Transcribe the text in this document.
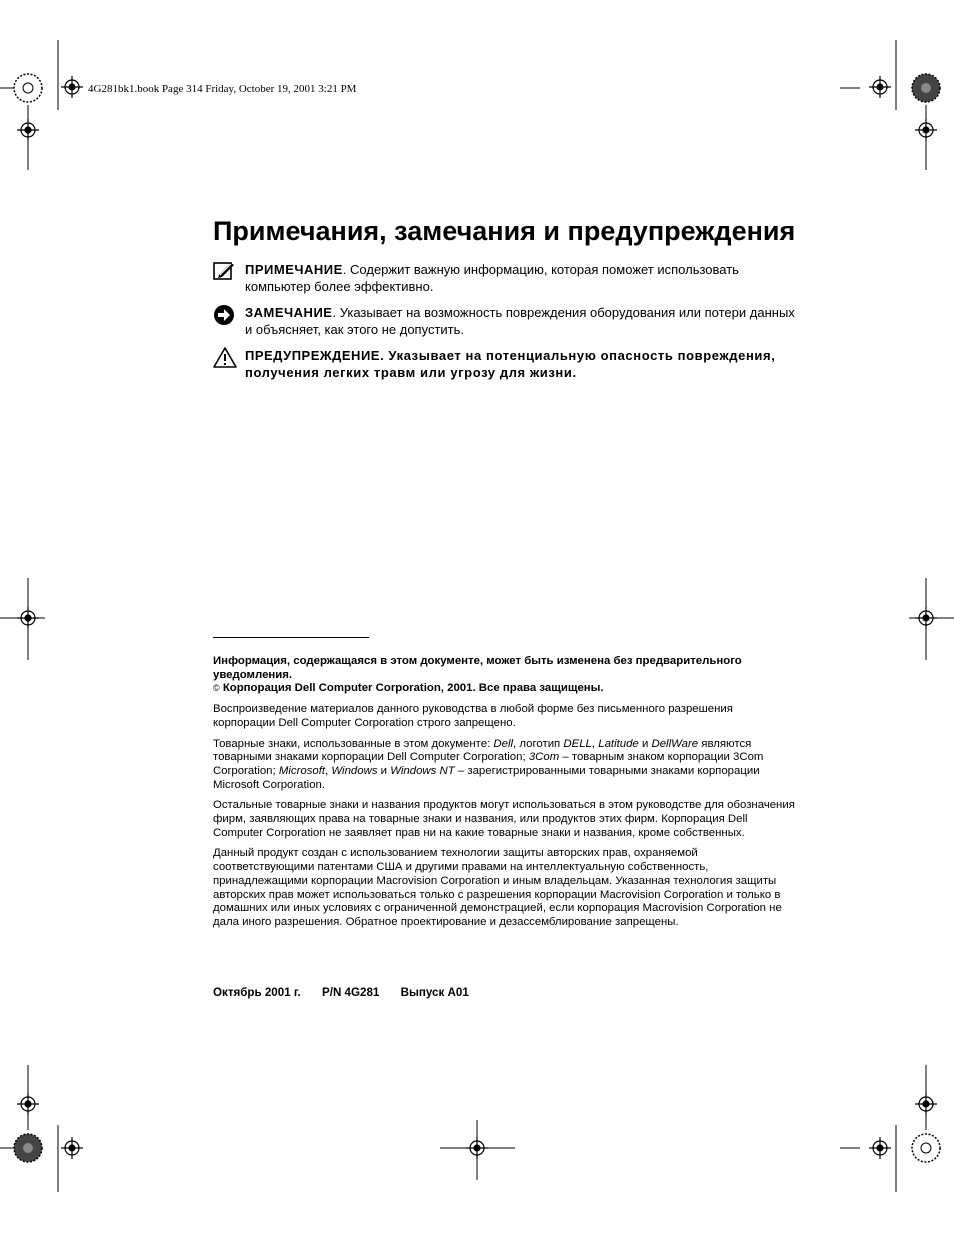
4G281bk1.book Page 314 Friday, October 19, 2001 3:21 PM
Примечания, замечания и предупреждения
ПРИМЕЧАНИЕ. Содержит важную информацию, которая поможет использовать компьютер более эффективно.
ЗАМЕЧАНИЕ. Указывает на возможность повреждения оборудования или потери данных и объясняет, как этого не допустить.
ПРЕДУПРЕЖДЕНИЕ. Указывает на потенциальную опасность повреждения, получения легких травм или угрозу для жизни.

Информация, содержащаяся в этом документе, может быть изменена без предварительного уведомления.

© Корпорация Dell Computer Corporation, 2001. Все права защищены.

Воспроизведение материалов данного руководства в любой форме без письменного разрешения корпорации Dell Computer Corporation строго запрещено.

Товарные знаки, использованные в этом документе: Dell, логотип DELL, Latitude и DellWare являются товарными знаками корпорации Dell Computer Corporation; 3Com – товарным знаком корпорации 3Com Corporation; Microsoft, Windows и Windows NT – зарегистрированными товарными знаками корпорации Microsoft Corporation.

Остальные товарные знаки и названия продуктов могут использоваться в этом руководстве для обозначения фирм, заявляющих права на товарные знаки и названия, или продуктов этих фирм. Корпорация Dell Computer Corporation не заявляет прав ни на какие товарные знаки и названия, кроме собственных.

Данный продукт создан с использованием технологии защиты авторских прав, охраняемой соответствующими патентами США и другими правами на интеллектуальную собственность, принадлежащими корпорации Macrovision Corporation и иным владельцам. Указанная технология защиты авторских прав может использоваться только с разрешения корпорации Macrovision Corporation и только в домашних или иных условиях с ограниченной демонстрацией, если корпорация Macrovision Corporation не дала иного разрешения. Обратное проектирование и дезассемблирование запрещены.

Октябрь 2001 г. P/N 4G281 Выпуск A01
